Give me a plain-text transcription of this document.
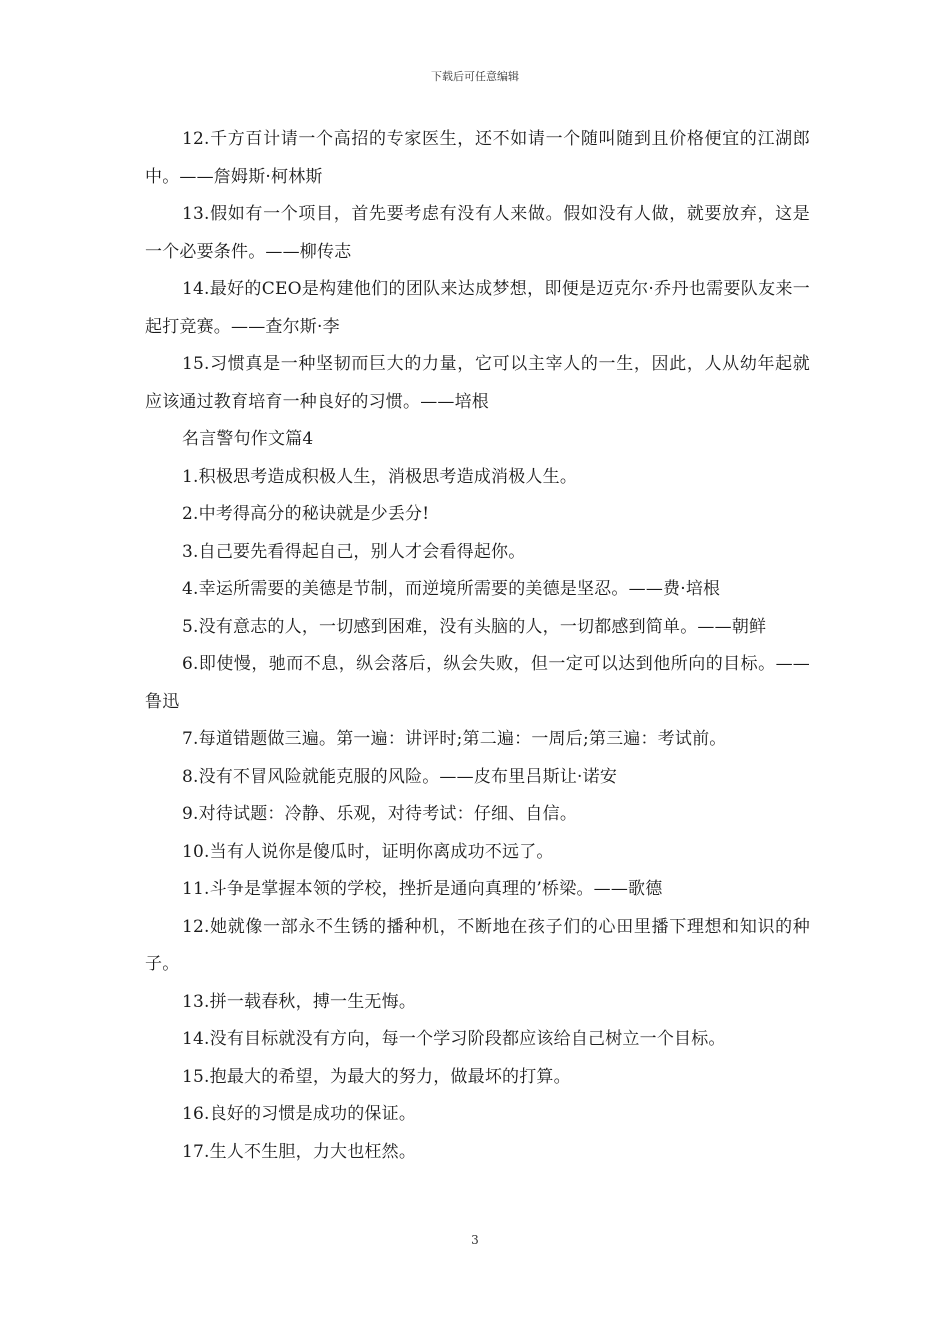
下载后可任意编辑

12.千方百计请一个高招的专家医生，还不如请一个随叫随到且价格便宜的江湖郎中。——詹姆斯·柯林斯

13.假如有一个项目，首先要考虑有没有人来做。假如没有人做，就要放弃，这是一个必要条件。——柳传志

14.最好的CEO是构建他们的团队来达成梦想，即便是迈克尔·乔丹也需要队友来一起打竞赛。——查尔斯·李

15.习惯真是一种坚韧而巨大的力量，它可以主宰人的一生，因此，人从幼年起就应该通过教育培育一种良好的习惯。——培根

名言警句作文篇4

1.积极思考造成积极人生，消极思考造成消极人生。

2.中考得高分的秘诀就是少丢分!

3.自己要先看得起自己，别人才会看得起你。

4.幸运所需要的美德是节制，而逆境所需要的美德是坚忍。——费·培根

5.没有意志的人，一切感到困难，没有头脑的人，一切都感到简单。——朝鲜

6.即使慢，驰而不息，纵会落后，纵会失败，但一定可以达到他所向的目标。——鲁迅

7.每道错题做三遍。第一遍：讲评时;第二遍：一周后;第三遍：考试前。

8.没有不冒风险就能克服的风险。——皮布里吕斯让·诺安

9.对待试题：冷静、乐观，对待考试：仔细、自信。

10.当有人说你是傻瓜时，证明你离成功不远了。

11.斗争是掌握本领的学校，挫折是通向真理的’桥梁。——歌德

12.她就像一部永不生锈的播种机，不断地在孩子们的心田里播下理想和知识的种子。

13.拼一载春秋，搏一生无悔。

14.没有目标就没有方向，每一个学习阶段都应该给自己树立一个目标。

15.抱最大的希望，为最大的努力，做最坏的打算。

16.良好的习惯是成功的保证。

17.生人不生胆，力大也枉然。

3
